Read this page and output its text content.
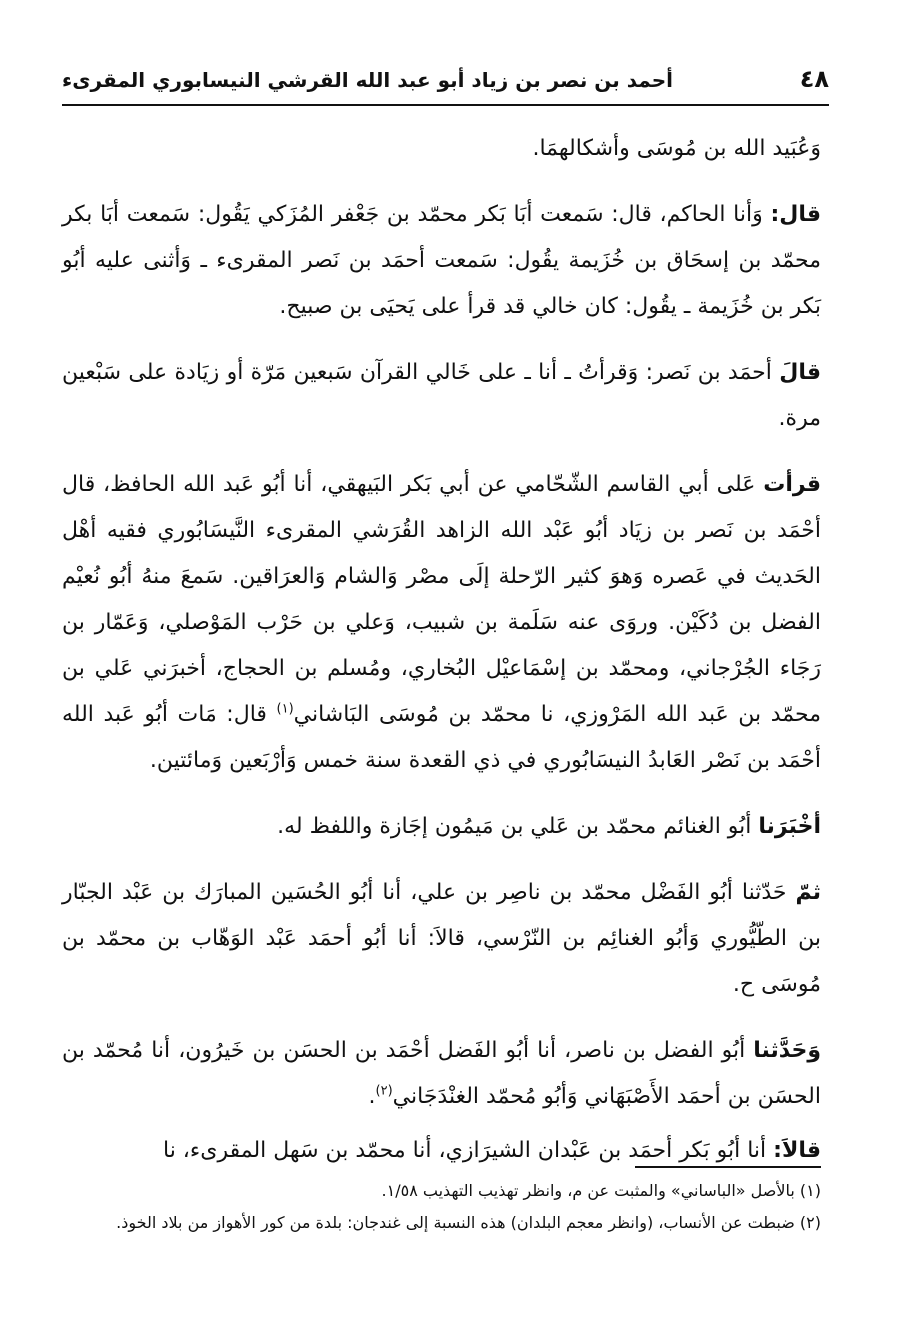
٤٨
أحمد بن نصر بن زياد أبو عبد الله القرشي النيسابوري المقرىء

وَعُبَيد الله بن مُوسَى وأشكالهمَا.

قال: وَأنا الحاكم، قال: سَمعت أبَا بَكر محمّد بن جَعْفر المُزَكي يَقُول: سَمعت أبَا بكر محمّد بن إسحَاق بن خُزَيمة يقُول: سَمعت أحمَد بن نَصر المقرىء ـ وَأثنى عليه أبُو بَكر بن خُزَيمة ـ يقُول: كان خالي قد قرأ على يَحيَى بن صبيح.

قالَ أحمَد بن نَصر: وَقرأتُ ـ أنا ـ على خَالي القرآن سَبعين مَرّة أو زيَادة على سَبْعين مرة.

قرأت عَلى أبي القاسم الشّحّامي عن أبي بَكر البَيهقي، أنا أبُو عَبد الله الحافظ، قال أحْمَد بن نَصر بن زيَاد أبُو عَبْد الله الزاهد القُرَشي المقرىء النَّيسَابُوري فقيه أهْل الحَديث في عَصره وَهوَ كثير الرّحلة إلَى مصْر وَالشام وَالعرَاقين. سَمعَ منهُ أبُو نُعيْم الفضل بن دُكَيْن. وروَى عنه سَلَمة بن شبيب، وَعلي بن حَرْب المَوْصلي، وَعَمّار بن رَجَاء الجُرْجاني، ومحمّد بن إسْمَاعيْل البُخاري، ومُسلم بن الحجاج، أخبرَني عَلي بن محمّد بن عَبد الله المَرْوزي، نا محمّد بن مُوسَى البَاشاني$^{(١)}$ قال: مَات أبُو عَبد الله أحْمَد بن نَصْر العَابدُ النيسَابُوري في ذي القعدة سنة خمس وَأرْبَعين وَمائتين.

أخْبَرَنا أبُو الغنائم محمّد بن عَلي بن مَيمُون إجَازة واللفظ له.

ثمّ حَدّثنا أبُو الفَضْل محمّد بن ناصِر بن علي، أنا أبُو الحُسَين المبارَك بن عَبْد الجبّار بن الطّيُّوري وَأبُو الغنائِم بن النّرْسي، قالاَ: أنا أبُو أحمَد عَبْد الوَهّاب بن محمّد بن مُوسَى ح.

وَحَدَّثنا أبُو الفضل بن ناصر، أنا أبُو الفَضل أحْمَد بن الحسَن بن خَيرُون، أنا مُحمّد بن الحسَن بن أحمَد الأَصْبَهَاني وَأبُو مُحمّد الغنْدَجَاني$^{(٢)}$.

قالاَ: أنا أبُو بَكر أحمَد بن عَبْدان الشيرَازي، أنا محمّد بن سَهل المقرىء، نا

(١) بالأصل «الباساني» والمثبت عن م، وانظر تهذيب التهذيب ١/٥٨.

(٢) ضبطت عن الأنساب، (وانظر معجم البلدان) هذه النسبة إلى غندجان: بلدة من كور الأهواز من بلاد الخوذ.
